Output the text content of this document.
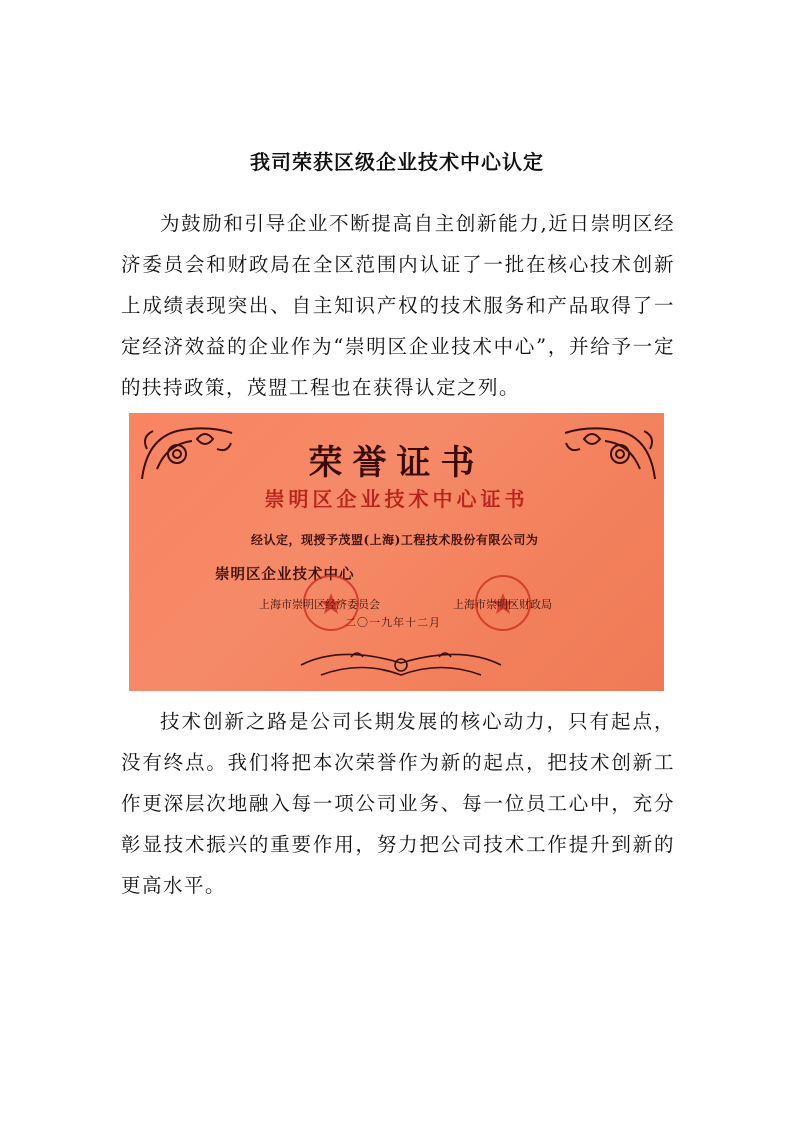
我司荣获区级企业技术中心认定

为鼓励和引导企业不断提高自主创新能力,近日崇明区经济委员会和财政局在全区范围内认证了一批在核心技术创新上成绩表现突出、自主知识产权的技术服务和产品取得了一定经济效益的企业作为“崇明区企业技术中心”，并给予一定的扶持政策，茂盟工程也在获得认定之列。

荣誉证书
崇明区企业技术中心证书
经认定，现授予茂盟(上海)工程技术股份有限公司为
崇明区企业技术中心
上海市崇明区经济委员会	上海市崇明区财政局
二〇一九年十二月

技术创新之路是公司长期发展的核心动力，只有起点，没有终点。我们将把本次荣誉作为新的起点，把技术创新工作更深层次地融入每一项公司业务、每一位员工心中，充分彰显技术振兴的重要作用，努力把公司技术工作提升到新的更高水平。
